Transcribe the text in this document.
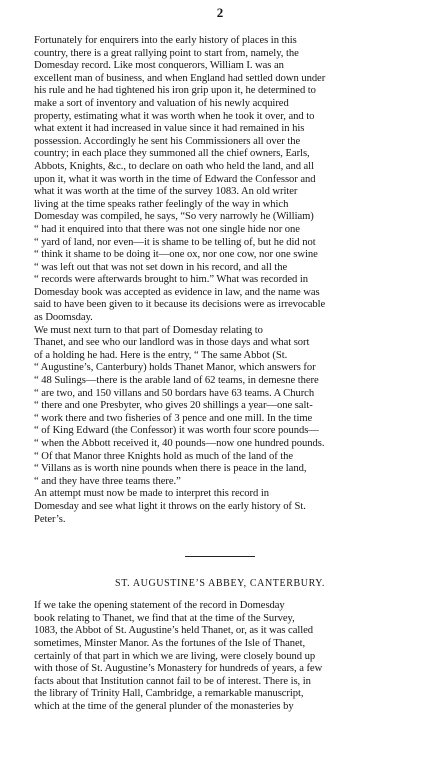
2

Fortunately for enquirers into the early history of places in this
country, there is a great rallying point to start from, namely, the
Domesday record. Like most conquerors, William I. was an
excellent man of business, and when England had settled down under
his rule and he had tightened his iron grip upon it, he determined to
make a sort of inventory and valuation of his newly acquired
property, estimating what it was worth when he took it over, and to
what extent it had increased in value since it had remained in his
possession. Accordingly he sent his Commissioners all over the
country; in each place they summoned all the chief owners, Earls,
Abbots, Knights, &c., to declare on oath who held the land, and all
upon it, what it was worth in the time of Edward the Confessor and
what it was worth at the time of the survey 1083. An old writer
living at the time speaks rather feelingly of the way in which
Domesday was compiled, he says, “So very narrowly he (William)
“ had it enquired into that there was not one single hide nor one
“ yard of land, nor even—it is shame to be telling of, but he did not
“ think it shame to be doing it—one ox, nor one cow, nor one swine
“ was left out that was not set down in his record, and all the
“ records were afterwards brought to him.” What was recorded in
Domesday book was accepted as evidence in law, and the name was
said to have been given to it because its decisions were as irrevocable
as Doomsday.

We must next turn to that part of Domesday relating to
Thanet, and see who our landlord was in those days and what sort
of a holding he had. Here is the entry, “ The same Abbot (St.
“ Augustine’s, Canterbury) holds Thanet Manor, which answers for
“ 48 Sulings—there is the arable land of 62 teams, in demesne there
“ are two, and 150 villans and 50 bordars have 63 teams. A Church
“ there and one Presbyter, who gives 20 shillings a year—one salt-
“ work there and two fisheries of 3 pence and one mill. In the time
“ of King Edward (the Confessor) it was worth four score pounds—
“ when the Abbott received it, 40 pounds—now one hundred pounds.
“ Of that Manor three Knights hold as much of the land of the
“ Villans as is worth nine pounds when there is peace in the land,
“ and they have three teams there.”

An attempt must now be made to interpret this record in
Domesday and see what light it throws on the early history of St.
Peter’s.

ST. AUGUSTINE’S ABBEY, CANTERBURY.

If we take the opening statement of the record in Domesday
book relating to Thanet, we find that at the time of the Survey,
1083, the Abbot of St. Augustine’s held Thanet, or, as it was called
sometimes, Minster Manor. As the fortunes of the Isle of Thanet,
certainly of that part in which we are living, were closely bound up
with those of St. Augustine’s Monastery for hundreds of years, a few
facts about that Institution cannot fail to be of interest. There is, in
the library of Trinity Hall, Cambridge, a remarkable manuscript,
which at the time of the general plunder of the monasteries by
